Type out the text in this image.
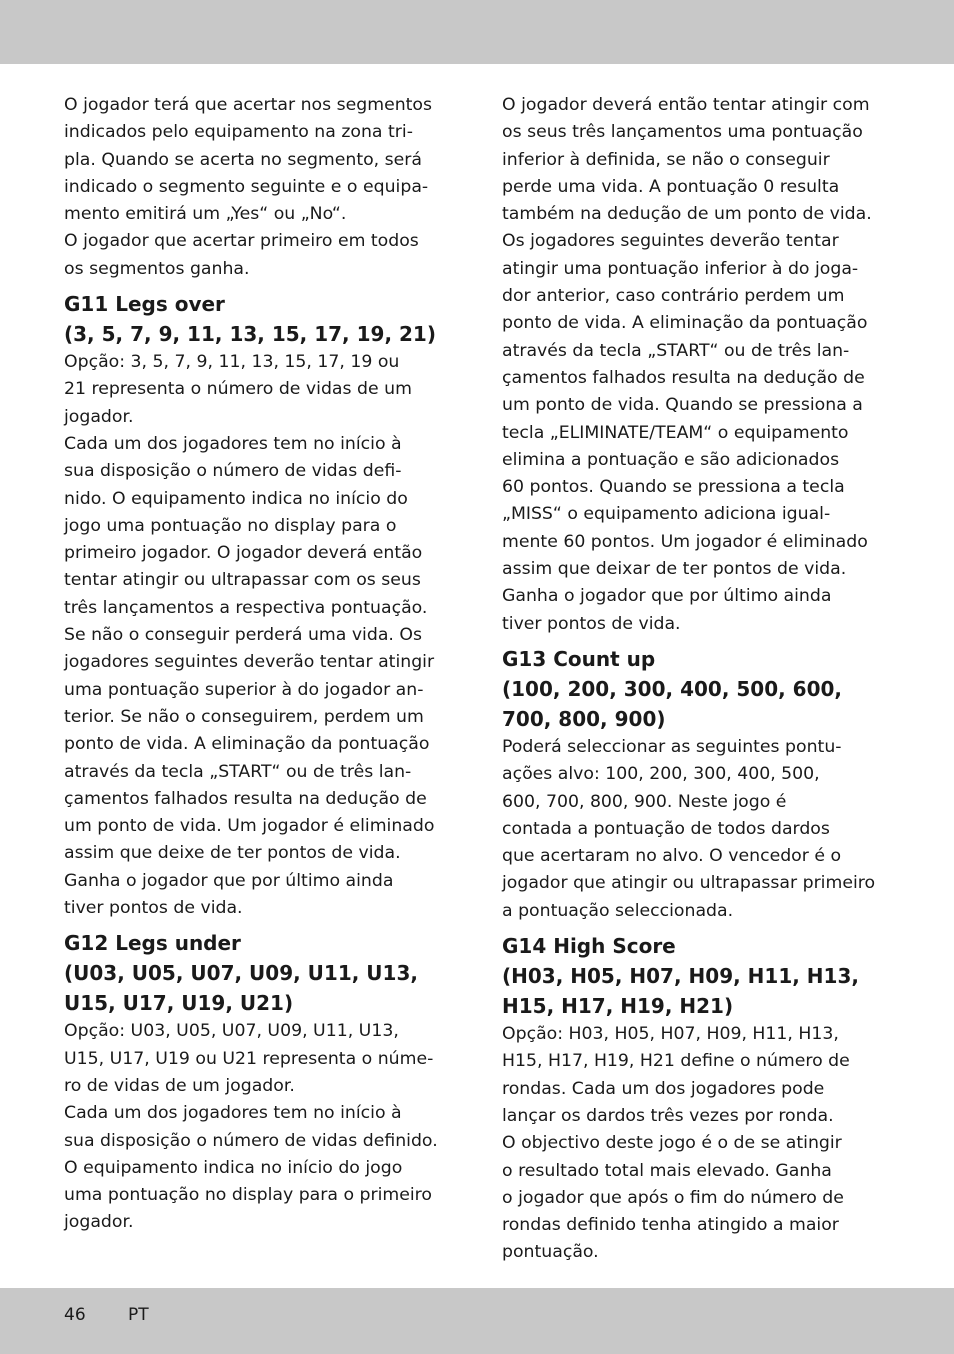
O jogador terá que acertar nos segmentos
indicados pelo equipamento na zona tri-
pla. Quando se acerta no segmento, será
indicado o segmento seguinte e o equipa-
mento emitirá um „Yes“ ou „No“.
O jogador que acertar primeiro em todos
os segmentos ganha.
G11 Legs over
(3, 5, 7, 9, 11, 13, 15, 17, 19, 21)
Opção: 3, 5, 7, 9, 11, 13, 15, 17, 19 ou
21 representa o número de vidas de um
jogador.
Cada um dos jogadores tem no início à
sua disposição o número de vidas defi-
nido. O equipamento indica no início do
jogo uma pontuação no display para o
primeiro jogador. O jogador deverá então
tentar atingir ou ultrapassar com os seus
três lançamentos a respectiva pontuação.
Se não o conseguir perderá uma vida. Os
jogadores seguintes deverão tentar atingir
uma pontuação superior à do jogador an-
terior. Se não o conseguirem, perdem um
ponto de vida. A eliminação da pontuação
através da tecla „START“ ou de três lan-
çamentos falhados resulta na dedução de
um ponto de vida. Um jogador é eliminado
assim que deixe de ter pontos de vida.
Ganha o jogador que por último ainda
tiver pontos de vida.
G12 Legs under
(U03, U05, U07, U09, U11, U13,
U15, U17, U19, U21)
Opção: U03, U05, U07, U09, U11, U13,
U15, U17, U19 ou U21 representa o núme-
ro de vidas de um jogador.
Cada um dos jogadores tem no início à
sua disposição o número de vidas definido.
O equipamento indica no início do jogo
uma pontuação no display para o primeiro
jogador.
O jogador deverá então tentar atingir com
os seus três lançamentos uma pontuação
inferior à definida, se não o conseguir
perde uma vida. A pontuação 0 resulta
também na dedução de um ponto de vida.
Os jogadores seguintes deverão tentar
atingir uma pontuação inferior à do joga-
dor anterior, caso contrário perdem um
ponto de vida. A eliminação da pontuação
através da tecla „START“ ou de três lan-
çamentos falhados resulta na dedução de
um ponto de vida. Quando se pressiona a
tecla „ELIMINATE/TEAM“ o equipamento
elimina a pontuação e são adicionados
60 pontos. Quando se pressiona a tecla
„MISS“ o equipamento adiciona igual-
mente 60 pontos. Um jogador é eliminado
assim que deixar de ter pontos de vida.
Ganha o jogador que por último ainda
tiver pontos de vida.
G13 Count up
(100, 200, 300, 400, 500, 600,
700, 800, 900)
Poderá seleccionar as seguintes pontu-
ações alvo: 100, 200, 300, 400, 500,
600, 700, 800, 900. Neste jogo é
contada a pontuação de todos dardos
que acertaram no alvo. O vencedor é o
jogador que atingir ou ultrapassar primeiro
a pontuação seleccionada.
G14 High Score
(H03, H05, H07, H09, H11, H13,
H15, H17, H19, H21)
Opção: H03, H05, H07, H09, H11, H13,
H15, H17, H19, H21 define o número de
rondas. Cada um dos jogadores pode
lançar os dardos três vezes por ronda.
O objectivo deste jogo é o de se atingir
o resultado total mais elevado. Ganha
o jogador que após o fim do número de
rondas definido tenha atingido a maior
pontuação.
46 PT
